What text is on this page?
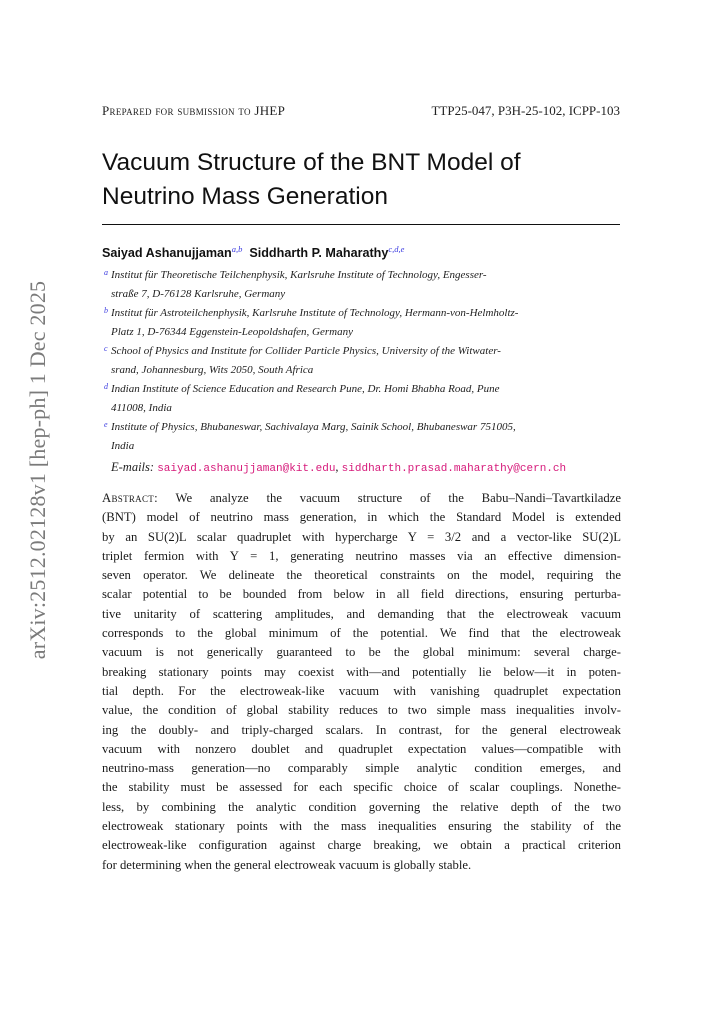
arXiv:2512.02128v1 [hep-ph] 1 Dec 2025
Prepared for submission to JHEP	TTP25-047, P3H-25-102, ICPP-103
Vacuum Structure of the BNT Model of
Neutrino Mass Generation
Saiyad Ashanujjaman$^{a,b}$ Siddharth P. Maharathy$^{c,d,e}$
a Institut für Theoretische Teilchenphysik, Karlsruhe Institute of Technology, Engesser-
straße 7, D-76128 Karlsruhe, Germany
b Institut für Astroteilchenphysik, Karlsruhe Institute of Technology, Hermann-von-Helmholtz-
Platz 1, D-76344 Eggenstein-Leopoldshafen, Germany
c School of Physics and Institute for Collider Particle Physics, University of the Witwater-
srand, Johannesburg, Wits 2050, South Africa
d Indian Institute of Science Education and Research Pune, Dr. Homi Bhabha Road, Pune
411008, India
e Institute of Physics, Bhubaneswar, Sachivalaya Marg, Sainik School, Bhubaneswar 751005,
India
E-mails: saiyad.ashanujjaman@kit.edu, siddharth.prasad.maharathy@cern.ch
Abstract: We analyze the vacuum structure of the Babu–Nandi–Tavartkiladze
(BNT) model of neutrino mass generation, in which the Standard Model is extended
by an SU(2)L scalar quadruplet with hypercharge Y = 3/2 and a vector-like SU(2)L
triplet fermion with Y = 1, generating neutrino masses via an effective dimension-
seven operator. We delineate the theoretical constraints on the model, requiring the
scalar potential to be bounded from below in all field directions, ensuring perturba-
tive unitarity of scattering amplitudes, and demanding that the electroweak vacuum
corresponds to the global minimum of the potential. We find that the electroweak
vacuum is not generically guaranteed to be the global minimum: several charge-
breaking stationary points may coexist with—and potentially lie below—it in poten-
tial depth. For the electroweak-like vacuum with vanishing quadruplet expectation
value, the condition of global stability reduces to two simple mass inequalities involv-
ing the doubly- and triply-charged scalars. In contrast, for the general electroweak
vacuum with nonzero doublet and quadruplet expectation values—compatible with
neutrino-mass generation—no comparably simple analytic condition emerges, and
the stability must be assessed for each specific choice of scalar couplings. Nonethe-
less, by combining the analytic condition governing the relative depth of the two
electroweak stationary points with the mass inequalities ensuring the stability of the
electroweak-like configuration against charge breaking, we obtain a practical criterion
for determining when the general electroweak vacuum is globally stable.
